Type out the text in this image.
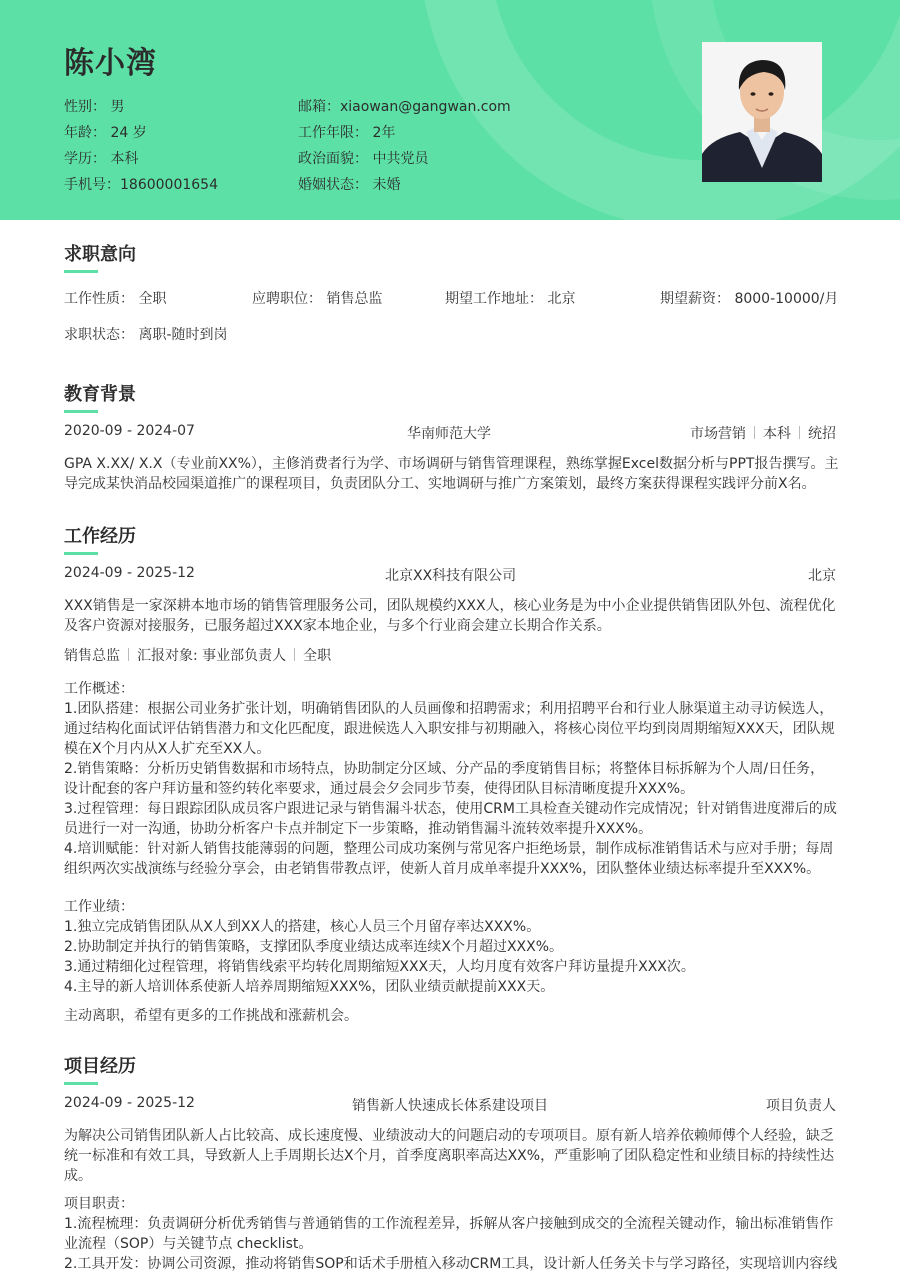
陈小湾
性别： 男
年龄： 24 岁
学历： 本科
手机号：18600001654
邮箱：xiaowan@gangwan.com
工作年限： 2年
政治面貌： 中共党员
婚姻状态： 未婚
求职意向
工作性质： 全职	应聘职位： 销售总监	期望工作地址： 北京	期望薪资： 8000-10000/月
求职状态： 离职-随时到岗
教育背景
2020-09 - 2024-07	华南师范大学	市场营销 本科 统招
GPA X.XX/ X.X（专业前XX%），主修消费者行为学、市场调研与销售管理课程，熟练掌握Excel数据分析与PPT报告撰写。主
导完成某快消品校园渠道推广的课程项目，负责团队分工、实地调研与推广方案策划，最终方案获得课程实践评分前X名。
工作经历
2024-09 - 2025-12	北京XX科技有限公司	北京
XXX销售是一家深耕本地市场的销售管理服务公司，团队规模约XXX人，核心业务是为中小企业提供销售团队外包、流程优化
及客户资源对接服务，已服务超过XXX家本地企业，与多个行业商会建立长期合作关系。
销售总监 汇报对象: 事业部负责人 全职
工作概述：
1.团队搭建：根据公司业务扩张计划，明确销售团队的人员画像和招聘需求；利用招聘平台和行业人脉渠道主动寻访候选人，
通过结构化面试评估销售潜力和文化匹配度，跟进候选人入职安排与初期融入，将核心岗位平均到岗周期缩短XXX天，团队规
模在X个月内从X人扩充至XX人。
2.销售策略：分析历史销售数据和市场特点，协助制定分区域、分产品的季度销售目标；将整体目标拆解为个人周/日任务，
设计配套的客户拜访量和签约转化率要求，通过晨会夕会同步节奏，使得团队目标清晰度提升XXX%。
3.过程管理：每日跟踪团队成员客户跟进记录与销售漏斗状态，使用CRM工具检查关键动作完成情况；针对销售进度滞后的成
员进行一对一沟通，协助分析客户卡点并制定下一步策略，推动销售漏斗流转效率提升XXX%。
4.培训赋能：针对新人销售技能薄弱的问题，整理公司成功案例与常见客户拒绝场景，制作成标准销售话术与应对手册；每周
组织两次实战演练与经验分享会，由老销售带教点评，使新人首月成单率提升XXX%，团队整体业绩达标率提升至XXX%。
工作业绩：
1.独立完成销售团队从X人到XX人的搭建，核心人员三个月留存率达XXX%。
2.协助制定并执行的销售策略，支撑团队季度业绩达成率连续X个月超过XXX%。
3.通过精细化过程管理，将销售线索平均转化周期缩短XXX天，人均月度有效客户拜访量提升XXX次。
4.主导的新人培训体系使新人培养周期缩短XXX%，团队业绩贡献提前XXX天。
主动离职，希望有更多的工作挑战和涨薪机会。
项目经历
2024-09 - 2025-12	销售新人快速成长体系建设项目	项目负责人
为解决公司销售团队新人占比较高、成长速度慢、业绩波动大的问题启动的专项项目。原有新人培养依赖师傅个人经验，缺乏
统一标准和有效工具，导致新人上手周期长达X个月，首季度离职率高达XX%，严重影响了团队稳定性和业绩目标的持续性达
成。
项目职责：
1.流程梳理：负责调研分析优秀销售与普通销售的工作流程差异，拆解从客户接触到成交的全流程关键动作，输出标准销售作
业流程（SOP）与关键节点 checklist。
2.工具开发：协调公司资源，推动将销售SOP和话术手册植入移动CRM工具，设计新人任务关卡与学习路径，实现培训内容线
